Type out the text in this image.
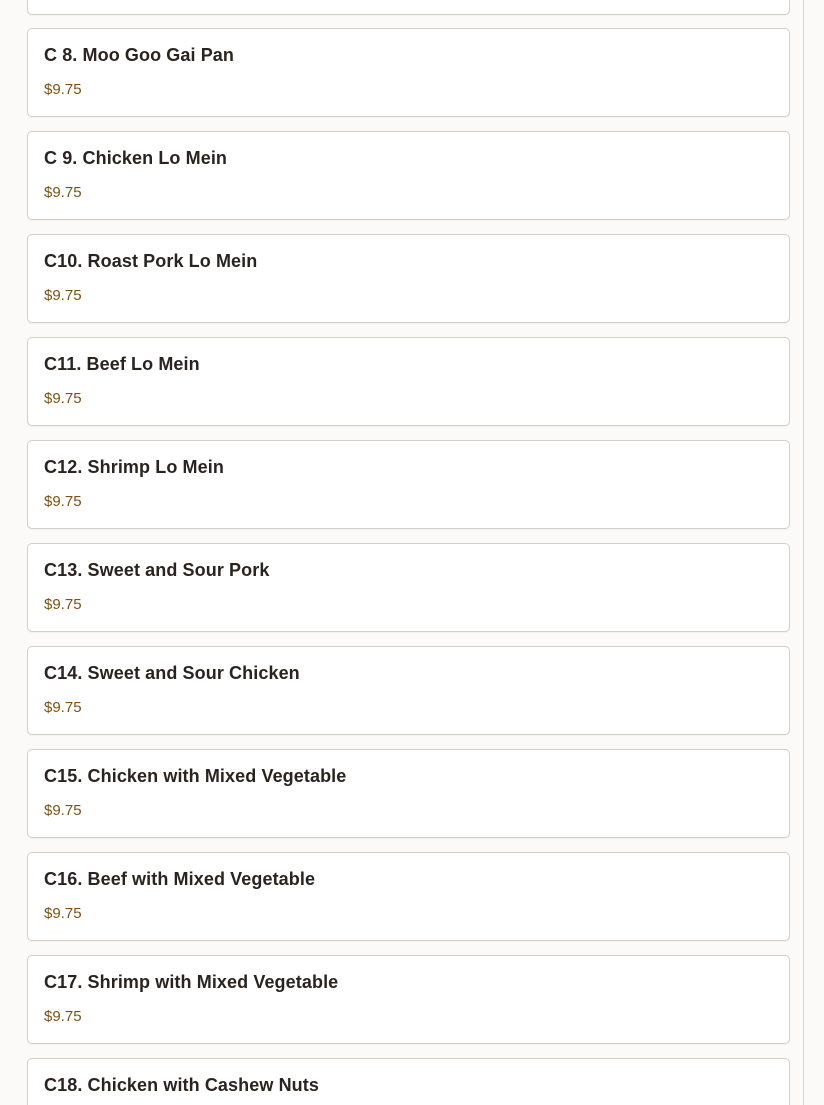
C 8. Moo Goo Gai Pan
$9.75
C 9. Chicken Lo Mein
$9.75
C10. Roast Pork Lo Mein
$9.75
C11. Beef Lo Mein
$9.75
C12. Shrimp Lo Mein
$9.75
C13. Sweet and Sour Pork
$9.75
C14. Sweet and Sour Chicken
$9.75
C15. Chicken with Mixed Vegetable
$9.75
C16. Beef with Mixed Vegetable
$9.75
C17. Shrimp with Mixed Vegetable
$9.75
C18. Chicken with Cashew Nuts
